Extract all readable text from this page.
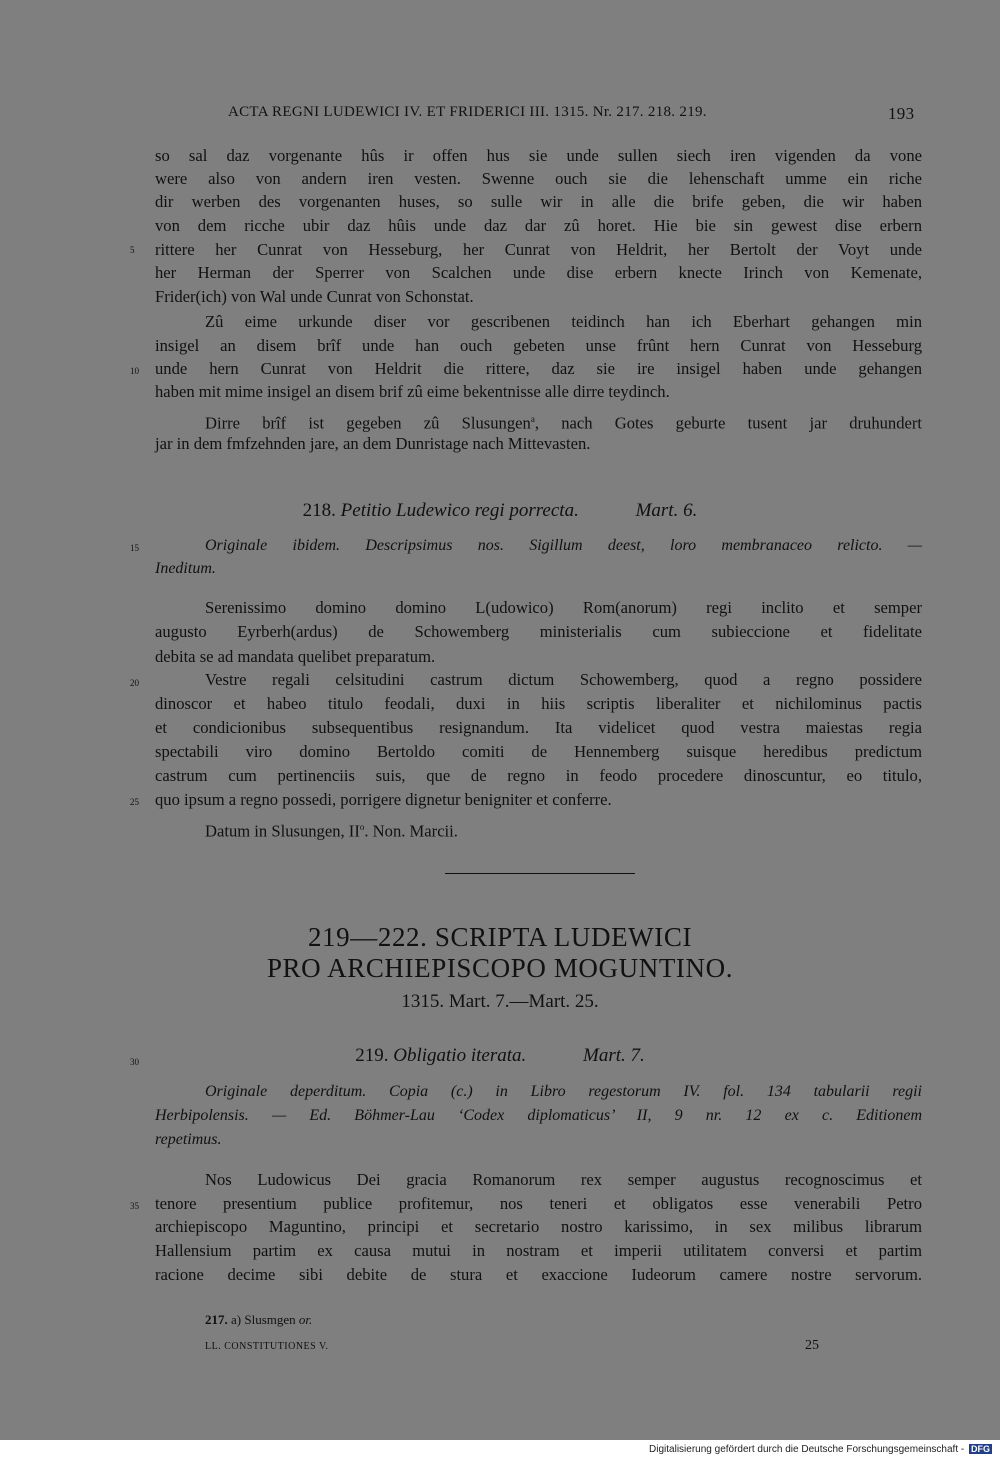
ACTA REGNI LUDEWICI IV. ET FRIDERICI III. 1315. Nr. 217. 218. 219.	193
so sal daz vorgenante hûs ir offen hus sie unde sullen siech iren vigenden da vone
were also von andern iren vesten. Swenne ouch sie die lehenschaft umme ein riche
dir werben des vorgenanten huses, so sulle wir in alle die brife geben, die wir haben
von dem ricche ubir daz hûis unde daz dar zû horet. Hie bie sin gewest dise erbern
rittere her Cunrat von Hesseburg, her Cunrat von Heldrit, her Bertolt der Voyt unde
her Herman der Sperrer von Scalchen unde dise erbern knecte Irinch von Kemenate,
Frider(ich) von Wal unde Cunrat von Schonstat.
Zû eime urkunde diser vor gescribenen teidinch han ich Eberhart gehangen min
insigel an disem brîf unde han ouch gebeten unse frûnt hern Cunrat von Hesseburg
unde hern Cunrat von Heldrit die rittere, daz sie ire insigel haben unde gehangen
haben mit mime insigel an disem brif zû eime bekentnisse alle dirre teydinch.
Dirre brîf ist gegeben zû Slusungen$^a$, nach Gotes geburte tusent jar druhundert
jar in dem fmfzehnden jare, an dem Dunristage nach Mittevasten.
218. Petitio Ludewico regi porrecta.	Mart. 6.
Originale ibidem. Descripsimus nos. Sigillum deest, loro membranaceo relicto. —
Ineditum.
Serenissimo domino domino L(udowico) Rom(anorum) regi inclito et semper
augusto Eyrberh(ardus) de Schowemberg ministerialis cum subieccione et fidelitate
debita se ad mandata quelibet preparatum.
Vestre regali celsitudini castrum dictum Schowemberg, quod a regno possidere
dinoscor et habeo titulo feodali, duxi in hiis scriptis liberaliter et nichilominus pactis
et condicionibus subsequentibus resignandum. Ita videlicet quod vestra maiestas regia
spectabili viro domino Bertoldo comiti de Hennemberg suisque heredibus predictum
castrum cum pertinenciis suis, que de regno in feodo procedere dinoscuntur, eo titulo,
quo ipsum a regno possedi, porrigere dignetur benigniter et conferre.
Datum in Slusungen, $II^o$. Non. Marcii.
219—222. SCRIPTA LUDEWICI
PRO ARCHIEPISCOPO MOGUNTINO.
1315. Mart. 7.—Mart. 25.
219. Obligatio iterata.	Mart. 7.
Originale deperditum. Copia (c.) in Libro regestorum IV. fol. 134 tabularii regii
Herbipolensis. — Ed. Böhmer-Lau ‘Codex diplomaticus’ II, 9 nr. 12 ex c. Editionem
repetimus.
Nos Ludowicus Dei gracia Romanorum rex semper augustus recognoscimus et
tenore presentium publice profitemur, nos teneri et obligatos esse venerabili Petro
archiepiscopo Maguntino, principi et secretario nostro karissimo, in sex milibus librarum
Hallensium partim ex causa mutui in nostram et imperii utilitatem conversi et partim
racione decime sibi debite de stura et exaccione Iudeorum camere nostre servorum.
5
10
15
20
25
30
35
217. a) Slusmgen or.
LL. CONSTITUTIONES V.	25
Digitalisierung gefördert durch die Deutsche Forschungsgemeinschaft - DFG
